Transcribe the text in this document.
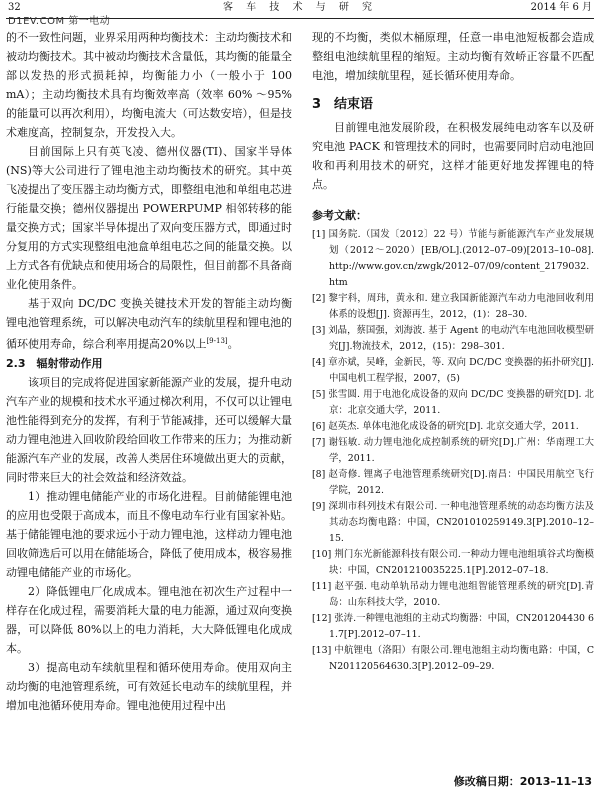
32	客 车 技 术 与 研 究	2014 年 6 月
D1EV.COM 第一电动

的不一致性问题，业界采用两种均衡技术：主动均衡技术和被动均衡技术。其中被动均衡技术含量低，其均衡的能量全部以发热的形式损耗掉，均衡能力小（一般小于 100 mA）；主动均衡技术具有均衡效率高（效率 60% ～95%的能量可以再次利用），均衡电流大（可达数安培），但是技术难度高，控制复杂，开发投入大。

目前国际上只有英飞凌、德州仪器(TI)、国家半导体(NS)等大公司进行了锂电池主动均衡技术的研究。其中英飞凌提出了变压器主动均衡方式，即整组电池和单组电芯进行能量交换；德州仪器提出 POWERPUMP 相邻转移的能量交换方式；国家半导体提出了双向变压器方式，即通过时分复用的方式实现整组电池盒单组电芯之间的能量交换。以上方式各有优缺点和使用场合的局限性，但目前都不具备商业化使用条件。

基于双向 DC/DC 变换关键技术开发的智能主动均衡锂电池管理系统，可以解决电动汽车的续航里程和锂电池的循环使用寿命，综合利率用提高20%以上[9-13]。

2.3　辐射带动作用

该项目的完成将促进国家新能源产业的发展，提升电动汽车产业的规模和技术水平通过梯次利用，不仅可以让锂电池性能得到充分的发挥，有利于节能减排，还可以缓解大量动力锂电池进入回收阶段给回收工作带来的压力；为推动新能源汽车产业的发展，改善人类居住环境做出更大的贡献，同时带来巨大的社会效益和经济效益。

1）推动锂电储能产业的市场化进程。目前储能锂电池的应用也受限于高成本，而且不像电动车行业有国家补贴。基于储能锂电池的要求远小于动力锂电池，这样动力锂电池回收筛选后可以用在储能场合，降低了使用成本，极容易推动锂电储能产业的市场化。

2）降低锂电厂化成成本。锂电池在初次生产过程中一样存在化成过程，需要消耗大量的电力能源，通过双向变换器，可以降低 80%以上的电力消耗，大大降低锂电化成成本。

3）提高电动车续航里程和循环使用寿命。使用双向主动均衡的电池管理系统，可有效延长电动车的续航里程，并增加电池循环使用寿命。锂电池使用过程中出

现的不均衡，类似木桶原理，任意一串电池短板都会造成整组电池续航里程的缩短。主动均衡有效峤正容量不匹配电池，增加续航里程，延长循环使用寿命。

3　结束语

目前锂电池发展阶段，在积极发展纯电动客车以及研究电池 PACK 和管理技术的同时，也需要同时启动电池回收和再利用技术的研究，这样才能更好地发挥锂电的特点。

参考文献：

[1] 国务院.（国发〔2012〕22 号）节能与新能源汽车产业发展规划（2012～2020）[EB/OL].(2012–07–09)[2013–10–08]. http://www.gov.cn/zwgk/2012–07/09/content_2179032.htm

[2] 黎宇科，周玮，黄永和. 建立我国新能源汽车动力电池回收利用体系的设想[J]. 资源再生，2012，(1)：28–30.

[3] 刘晶，蔡国强，刘海波. 基于 Agent 的电动汽车电池回收模型研究[J].物流技术，2012，(15)：298–301.

[4] 章亦斌，吴峰，金新民，等. 双向 DC/DC 变换器的拓扑研究[J].中国电机工程学报，2007，(5)

[5] 张雪圆. 用于电池化成设备的双向 DC/DC 变换器的研究[D]. 北京：北京交通大学，2011.

[6] 赵英杰. 单体电池化成设备的研究[D]. 北京交通大学，2011.

[7] 谢钰敏. 动力锂电池化成控制系统的研究[D].广州：华南理工大学，2011.

[8] 赵奇修. 锂离子电池管理系统研究[D].南昌：中国民用航空飞行学院，2012.

[9] 深圳市科列技术有限公司. 一种电池管理系统的动态均衡方法及其动态均衡电路：中国，CN201010259149.3[P].2010–12–15.

[10] 荆门东光新能源科技有限公司.一种动力锂电池组填谷式均衡模块：中国，CN201210035225.1[P].2012–07–18.

[11] 赵平强. 电动单轨吊动力锂电池组智能管理系统的研究[D].青岛：山东科技大学，2010.

[12] 张涛.一种锂电池组的主动式均衡器：中国，CN201204430 61.7[P].2012–07–11.

[13] 中航锂电（洛阳）有限公司.锂电池组主动均衡电路：中国，CN201120564630.3[P].2012–09–29.

修改稿日期：2013–11–13
